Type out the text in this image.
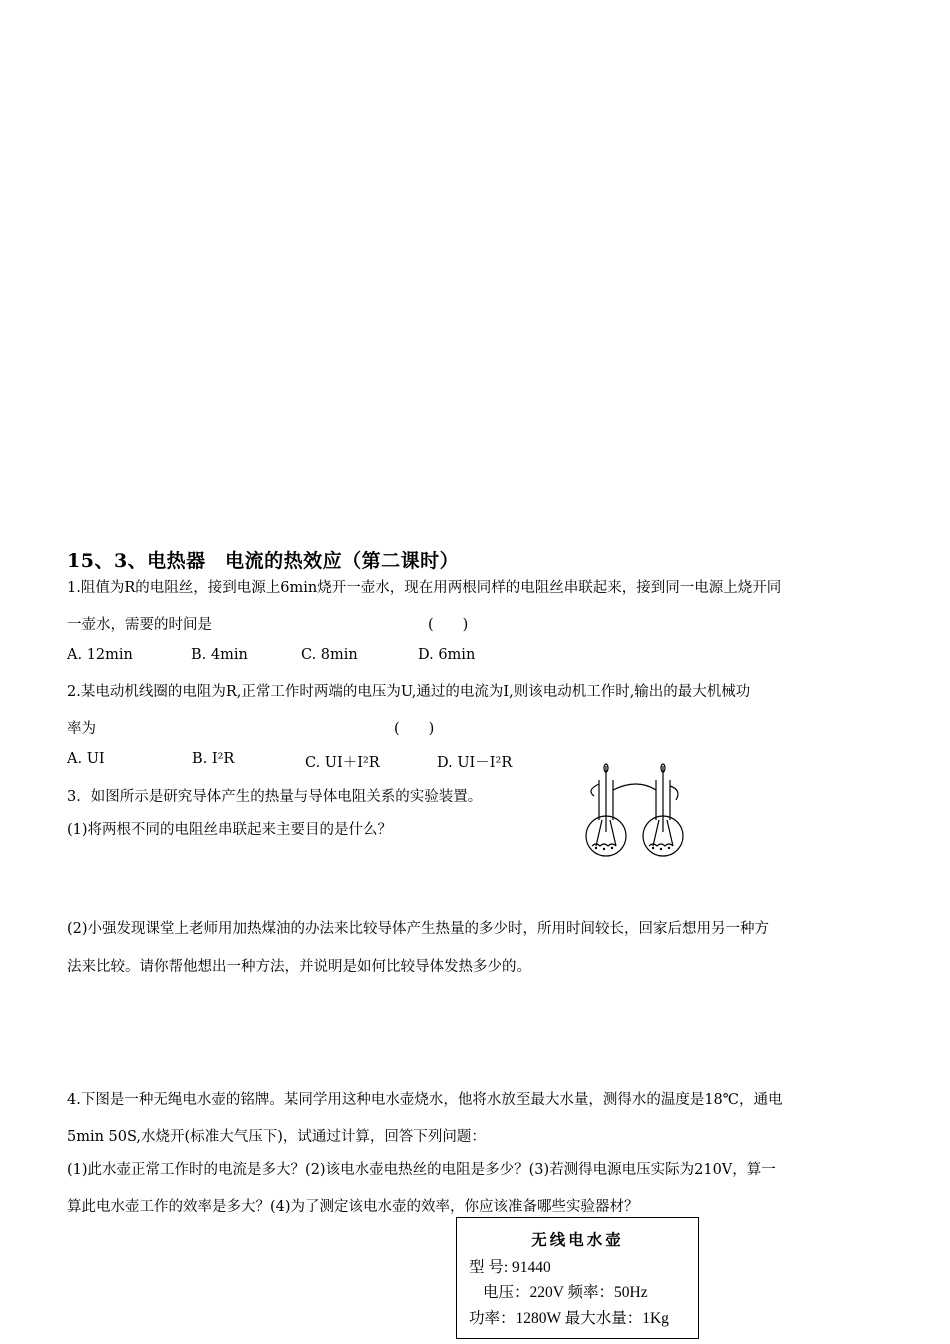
15、3、电热器　电流的热效应（第二课时）
1.阻值为R的电阻丝，接到电源上6min烧开一壶水，现在用两根同样的电阻丝串联起来，接到同一电源上烧开同
一壶水，需要的时间是	(　　)
A. 12min	B. 4min	C. 8min	D. 6min
2.某电动机线圈的电阻为R,正常工作时两端的电压为U,通过的电流为I,则该电动机工作时,输出的最大机械功
率为	(　　)
A. UI	B. I²R	C. UI＋I²R	D. UI－I²R
3．如图所示是研究导体产生的热量与导体电阻关系的实验装置。
(1)将两根不同的电阻丝串联起来主要目的是什么？
(2)小强发现课堂上老师用加热煤油的办法来比较导体产生热量的多少时，所用时间较长，回家后想用另一种方
法来比较。请你帮他想出一种方法，并说明是如何比较导体发热多少的。
4.下图是一种无绳电水壶的铭牌。某同学用这种电水壶烧水，他将水放至最大水量，测得水的温度是18℃，通电
5min 50S,水烧开(标准大气压下)，试通过计算，回答下列问题：
(1)此水壶正常工作时的电流是多大？(2)该电水壶电热丝的电阻是多少？(3)若测得电源电压实际为210V，算一
算此电水壶工作的效率是多大？(4)为了测定该电水壶的效率，你应该准备哪些实验器材？
无线电水壶
型 号: 91440
电压：220V 频率：50Hz
功率：1280W 最大水量：1Kg
